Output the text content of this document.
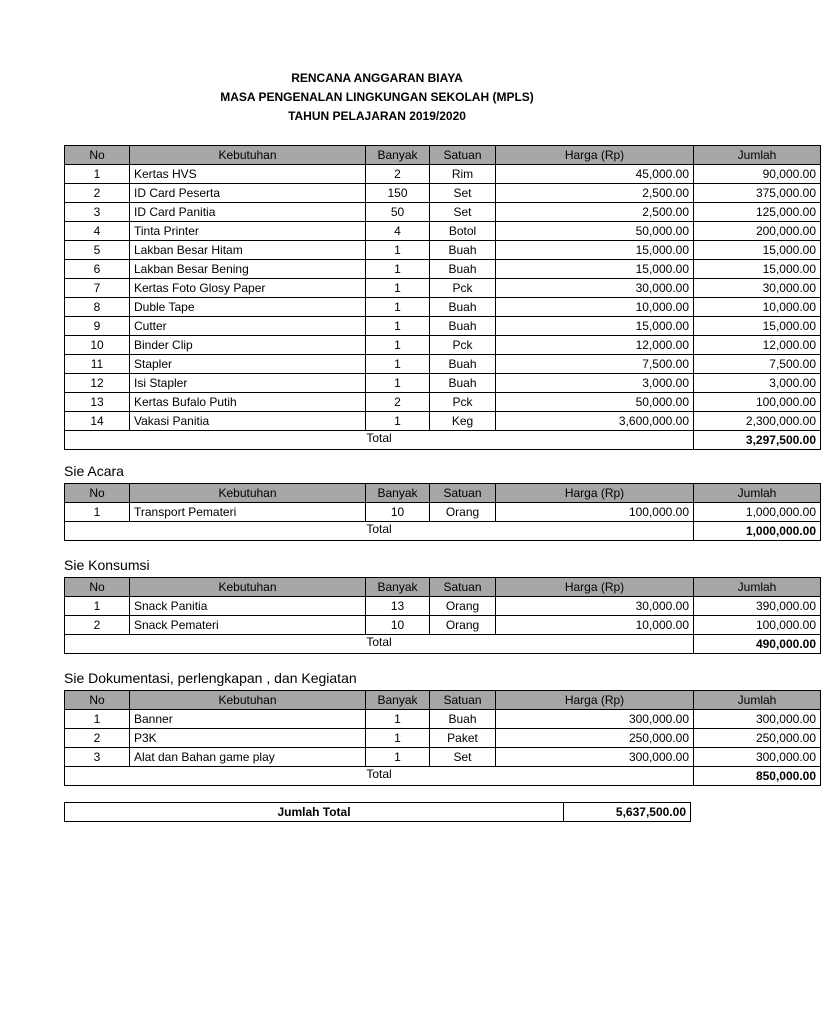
RENCANA ANGGARAN BIAYA
MASA PENGENALAN LINGKUNGAN SEKOLAH (MPLS)
TAHUN PELAJARAN 2019/2020
No	Kebutuhan	Banyak	Satuan	Harga (Rp)	Jumlah
1	Kertas HVS	2	Rim	45,000.00	90,000.00
2	ID Card Peserta	150	Set	2,500.00	375,000.00
3	ID Card Panitia	50	Set	2,500.00	125,000.00
4	Tinta Printer	4	Botol	50,000.00	200,000.00
5	Lakban Besar Hitam	1	Buah	15,000.00	15,000.00
6	Lakban Besar Bening	1	Buah	15,000.00	15,000.00
7	Kertas Foto Glosy Paper	1	Pck	30,000.00	30,000.00
8	Duble Tape	1	Buah	10,000.00	10,000.00
9	Cutter	1	Buah	15,000.00	15,000.00
10	Binder Clip	1	Pck	12,000.00	12,000.00
11	Stapler	1	Buah	7,500.00	7,500.00
12	Isi Stapler	1	Buah	3,000.00	3,000.00
13	Kertas Bufalo Putih	2	Pck	50,000.00	100,000.00
14	Vakasi Panitia	1	Keg	3,600,000.00	2,300,000.00
Total					3,297,500.00
Sie Acara
No	Kebutuhan	Banyak	Satuan	Harga (Rp)	Jumlah
1	Transport Pemateri	10	Orang	100,000.00	1,000,000.00
Total					1,000,000.00
Sie Konsumsi
No	Kebutuhan	Banyak	Satuan	Harga (Rp)	Jumlah
1	Snack Panitia	13	Orang	30,000.00	390,000.00
2	Snack Pemateri	10	Orang	10,000.00	100,000.00
Total					490,000.00
Sie Dokumentasi, perlengkapan , dan Kegiatan
No	Kebutuhan	Banyak	Satuan	Harga (Rp)	Jumlah
1	Banner	1	Buah	300,000.00	300,000.00
2	P3K	1	Paket	250,000.00	250,000.00
3	Alat dan Bahan game play	1	Set	300,000.00	300,000.00
Total					850,000.00
Jumlah Total	5,637,500.00
